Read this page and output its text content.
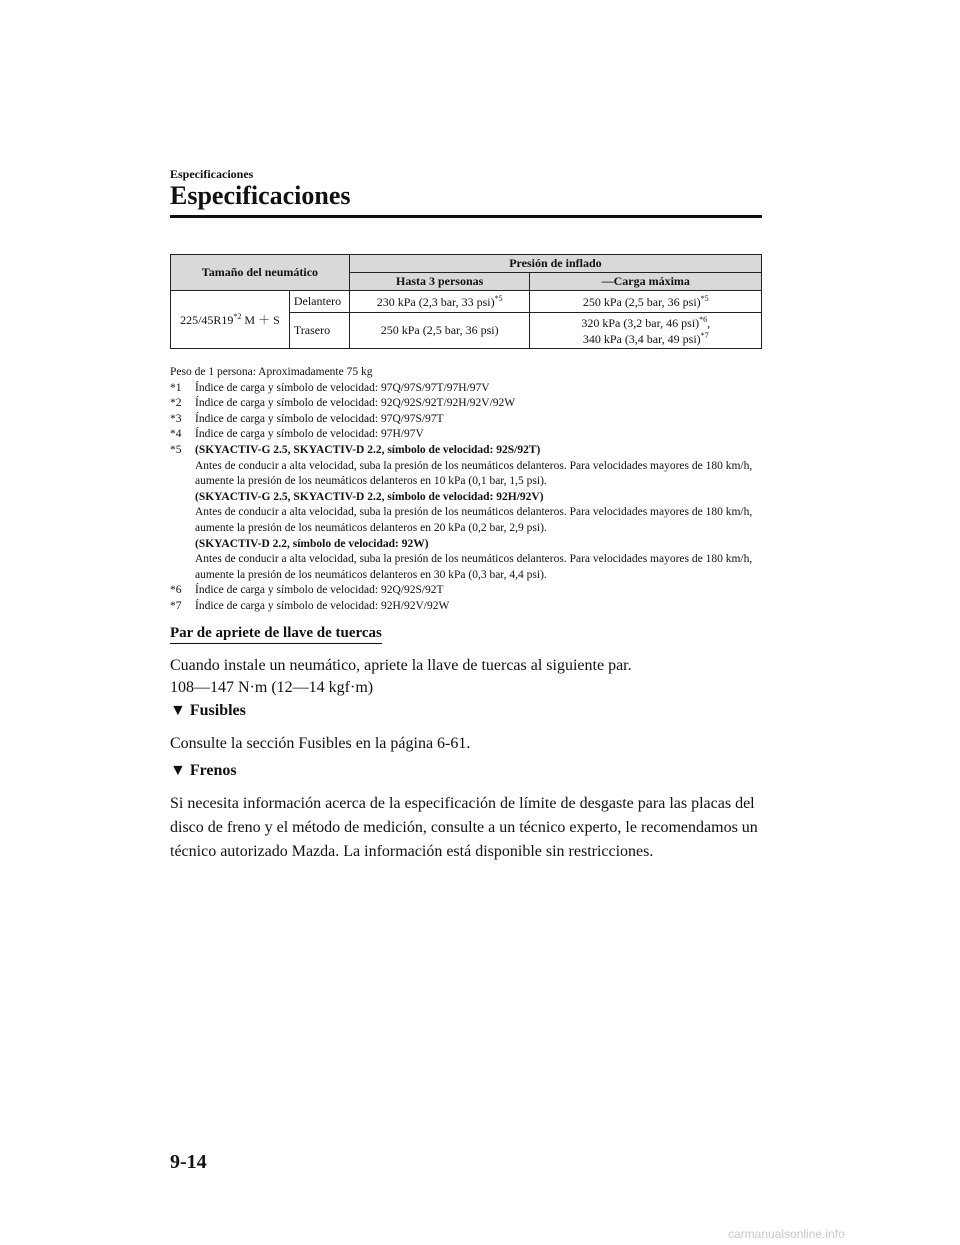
Especificaciones
Especificaciones
Tamaño del neumático		Presión de inflado	
		Hasta 3 personas	―Carga máxima
225/45R19$^{*2}$ M ＋ S	Delantero	230 kPa (2,3 bar, 33 psi)$^{*5}$	250 kPa (2,5 bar, 36 psi)$^{*5}$
	Trasero	250 kPa (2,5 bar, 36 psi)	320 kPa (3,2 bar, 46 psi)$^{*6}$,
340 kPa (3,4 bar, 49 psi)$^{*7}$
Peso de 1 persona: Aproximadamente 75 kg
*1	Índice de carga y símbolo de velocidad: 97Q/97S/97T/97H/97V
*2	Índice de carga y símbolo de velocidad: 92Q/92S/92T/92H/92V/92W
*3	Índice de carga y símbolo de velocidad: 97Q/97S/97T
*4	Índice de carga y símbolo de velocidad: 97H/97V
*5	(SKYACTIV-G 2.5, SKYACTIV-D 2.2, símbolo de velocidad: 92S/92T)
Antes de conducir a alta velocidad, suba la presión de los neumáticos delanteros. Para velocidades mayores de 180 km/h, aumente la presión de los neumáticos delanteros en 10 kPa (0,1 bar, 1,5 psi).
(SKYACTIV-G 2.5, SKYACTIV-D 2.2, símbolo de velocidad: 92H/92V)
Antes de conducir a alta velocidad, suba la presión de los neumáticos delanteros. Para velocidades mayores de 180 km/h, aumente la presión de los neumáticos delanteros en 20 kPa (0,2 bar, 2,9 psi).
(SKYACTIV-D 2.2, símbolo de velocidad: 92W)
Antes de conducir a alta velocidad, suba la presión de los neumáticos delanteros. Para velocidades mayores de 180 km/h, aumente la presión de los neumáticos delanteros en 30 kPa (0,3 bar, 4,4 psi).
*6	Índice de carga y símbolo de velocidad: 92Q/92S/92T
*7	Índice de carga y símbolo de velocidad: 92H/92V/92W
Par de apriete de llave de tuercas
Cuando instale un neumático, apriete la llave de tuercas al siguiente par.
108―147 N·m (12―14 kgf·m)
▼ Fusibles
Consulte la sección Fusibles en la página 6-61.
▼ Frenos
Si necesita información acerca de la especificación de límite de desgaste para las placas del disco de freno y el método de medición, consulte a un técnico experto, le recomendamos un técnico autorizado Mazda. La información está disponible sin restricciones.
9-14
carmanualsonline.info
